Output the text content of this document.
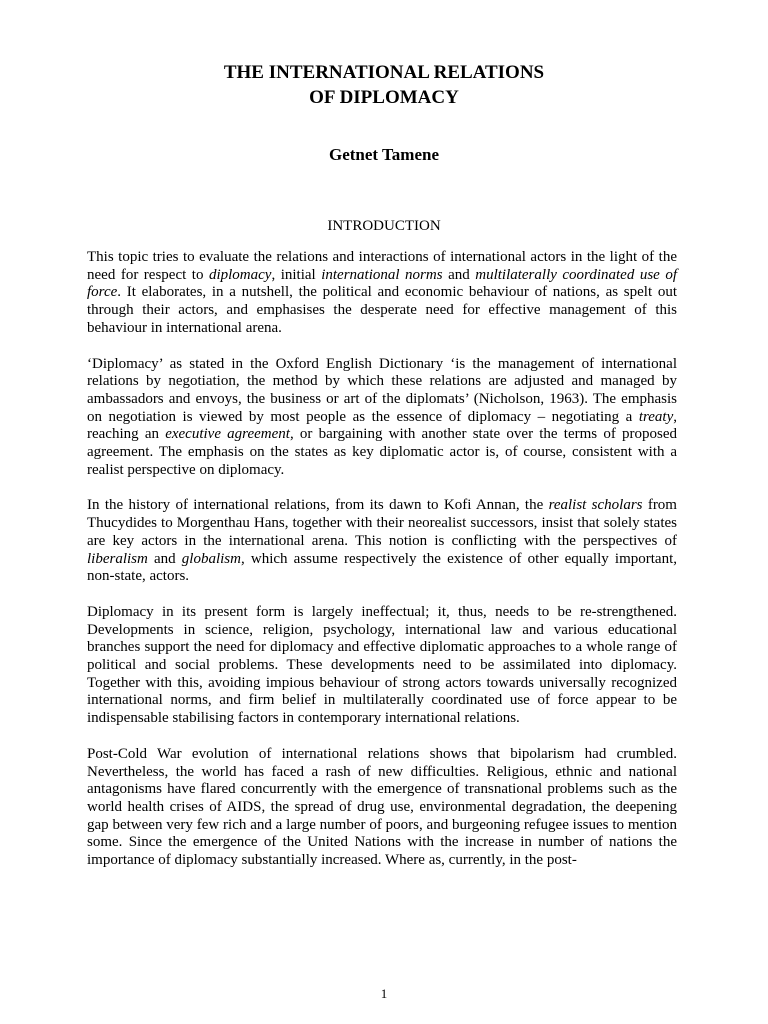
THE INTERNATIONAL RELATIONS
OF DIPLOMACY

Getnet Tamene

INTRODUCTION

This topic tries to evaluate the relations and interactions of international actors in the light of the need for respect to diplomacy, initial international norms and multilaterally coordinated use of force. It elaborates, in a nutshell, the political and economic behaviour of nations, as spelt out through their actors, and emphasises the desperate need for effective management of this behaviour in international arena.

‘Diplomacy’ as stated in the Oxford English Dictionary ‘is the management of international relations by negotiation, the method by which these relations are adjusted and managed by ambassadors and envoys, the business or art of the diplomats’ (Nicholson, 1963). The emphasis on negotiation is viewed by most people as the essence of diplomacy – negotiating a treaty, reaching an executive agreement, or bargaining with another state over the terms of proposed agreement. The emphasis on the states as key diplomatic actor is, of course, consistent with a realist perspective on diplomacy.

In the history of international relations, from its dawn to Kofi Annan, the realist scholars from Thucydides to Morgenthau Hans, together with their neorealist successors, insist that solely states are key actors in the international arena. This notion is conflicting with the perspectives of liberalism and globalism, which assume respectively the existence of other equally important, non-state, actors.

Diplomacy in its present form is largely ineffectual; it, thus, needs to be re-strengthened. Developments in science, religion, psychology, international law and various educational branches support the need for diplomacy and effective diplomatic approaches to a whole range of political and social problems. These developments need to be assimilated into diplomacy. Together with this, avoiding impious behaviour of strong actors towards universally recognized international norms, and firm belief in multilaterally coordinated use of force appear to be indispensable stabilising factors in contemporary international relations.

Post-Cold War evolution of international relations shows that bipolarism had crumbled. Nevertheless, the world has faced a rash of new difficulties. Religious, ethnic and national antagonisms have flared concurrently with the emergence of transnational problems such as the world health crises of AIDS, the spread of drug use, environmental degradation, the deepening gap between very few rich and a large number of poors, and burgeoning refugee issues to mention some. Since the emergence of the United Nations with the increase in number of nations the importance of diplomacy substantially increased. Where as, currently, in the post-

1
